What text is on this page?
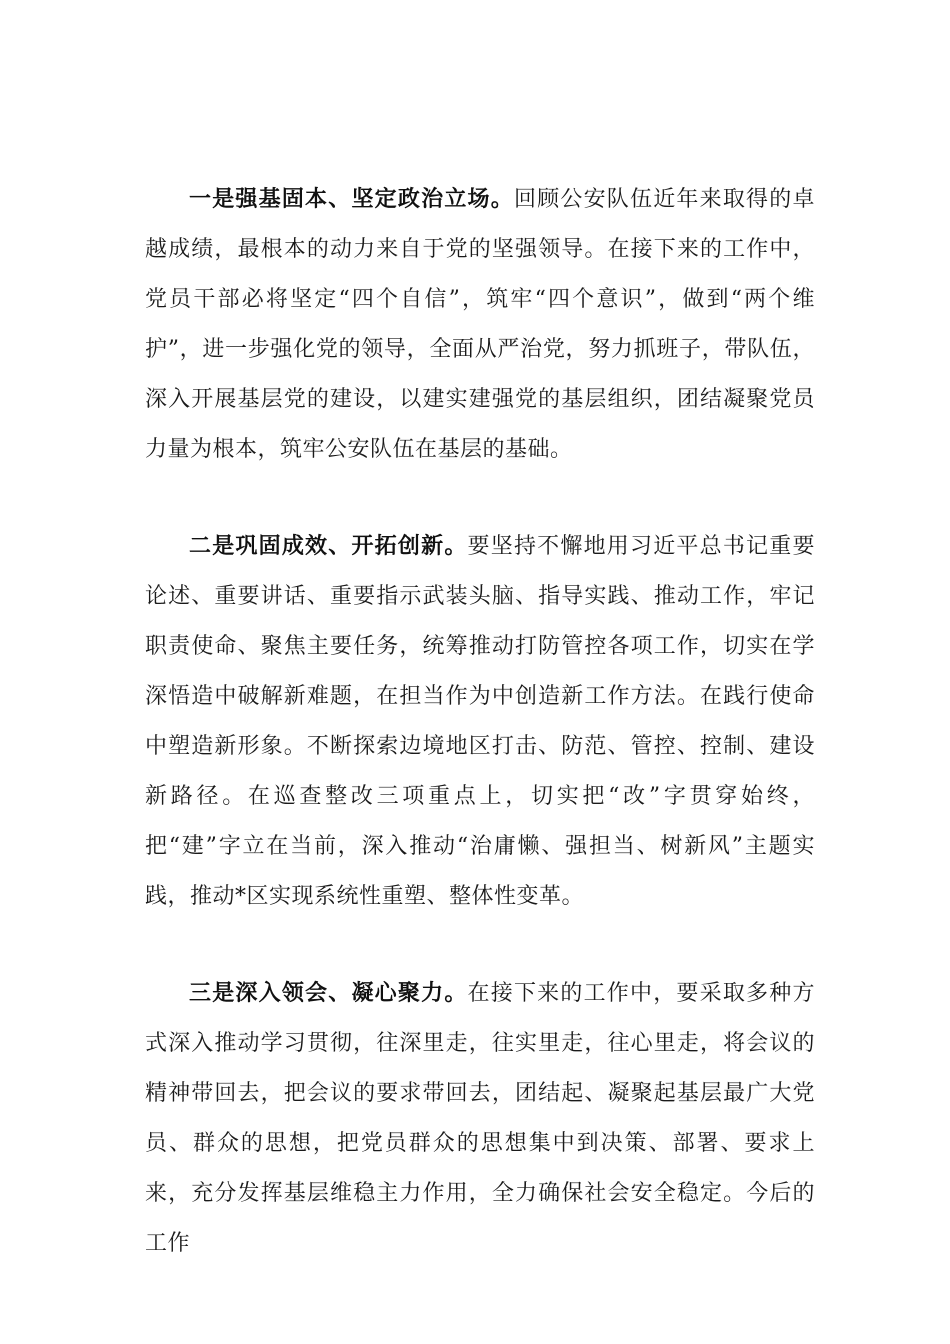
一是强基固本、坚定政治立场。回顾公安队伍近年来取得的卓越成绩，最根本的动力来自于党的坚强领导。在接下来的工作中，党员干部必将坚定“四个自信”，筑牢“四个意识”，做到“两个维护”，进一步强化党的领导，全面从严治党，努力抓班子，带队伍，深入开展基层党的建设，以建实建强党的基层组织，团结凝聚党员力量为根本，筑牢公安队伍在基层的基础。

二是巩固成效、开拓创新。要坚持不懈地用习近平总书记重要论述、重要讲话、重要指示武装头脑、指导实践、推动工作，牢记职责使命、聚焦主要任务，统筹推动打防管控各项工作，切实在学深悟造中破解新难题，在担当作为中创造新工作方法。在践行使命中塑造新形象。不断探索边境地区打击、防范、管控、控制、建设新路径。在巡查整改三项重点上，切实把“改”字贯穿始终，把“建”字立在当前，深入推动“治庸懒、强担当、树新风”主题实践，推动*区实现系统性重塑、整体性变革。

三是深入领会、凝心聚力。在接下来的工作中，要采取多种方式深入推动学习贯彻，往深里走，往实里走，往心里走，将会议的精神带回去，把会议的要求带回去，团结起、凝聚起基层最广大党员、群众的思想，把党员群众的思想集中到决策、部署、要求上来，充分发挥基层维稳主力作用，全力确保社会安全稳定。今后的工作
